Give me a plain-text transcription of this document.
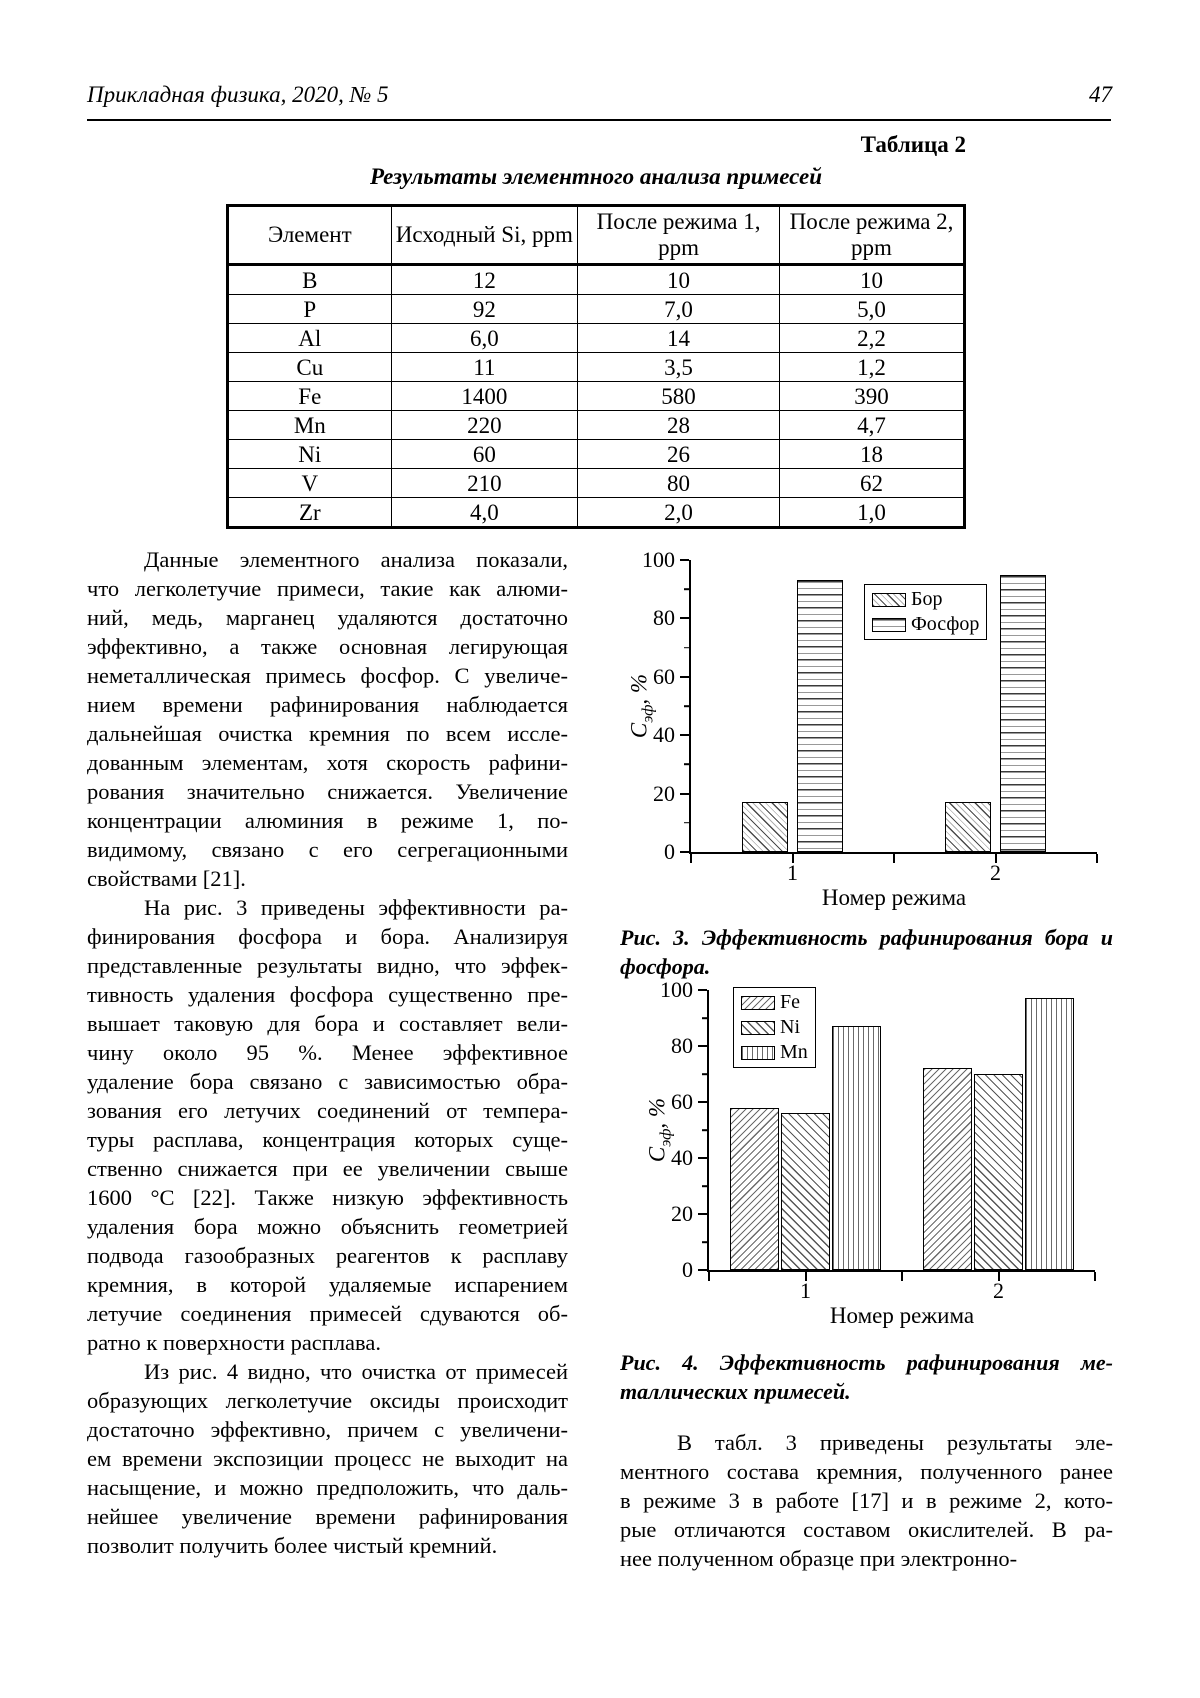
Прикладная физика, 2020, № 5	47
Таблица 2
Результаты элементного анализа примесей
Элемент	Исходный Si, ppm	После режима 1, ppm	После режима 2, ppm
B	12	10	10
P	92	7,0	5,0
Al	6,0	14	2,2
Cu	11	3,5	1,2
Fe	1400	580	390
Mn	220	28	4,7
Ni	60	26	18
V	210	80	62
Zr	4,0	2,0	1,0
Данные элементного анализа показали,
что легколетучие примеси, такие как алюми-
ний, медь, марганец удаляются достаточно
эффективно, а также основная легирующая
неметаллическая примесь фосфор. С увеличе-
нием времени рафинирования наблюдается
дальнейшая очистка кремния по всем иссле-
дованным элементам, хотя скорость рафини-
рования значительно снижается. Увеличение
концентрации алюминия в режиме 1, по-
видимому, связано с его сегрегационными
свойствами [21].
На рис. 3 приведены эффективности ра-
финирования фосфора и бора. Анализируя
представленные результаты видно, что эффек-
тивность удаления фосфора существенно пре-
вышает таковую для бора и составляет вели-
чину около 95 %. Менее эффективное
удаление бора связано с зависимостью обра-
зования его летучих соединений от темпера-
туры расплава, концентрация которых суще-
ственно снижается при ее увеличении свыше
1600 °С [22]. Также низкую эффективность
удаления бора можно объяснить геометрией
подвода газообразных реагентов к расплаву
кремния, в которой удаляемые испарением
летучие соединения примесей сдуваются об-
ратно к поверхности расплава.
Из рис. 4 видно, что очистка от примесей
образующих легколетучие оксиды происходит
достаточно эффективно, причем с увеличени-
ем времени экспозиции процесс не выходит на
насыщение, и можно предположить, что даль-
нейшее увеличение времени рафинирования
позволит получить более чистый кремний.
$C_{эф}$, %
Бор
Фосфор
Номер режима
0
20
40
60
80
100
1	2
Рис. 3. Эффективность рафинирования бора и
фосфора.
$C_{эф}$, %
Fe
Ni
Mn
Номер режима
0
20
40
60
80
100
1	2
Рис. 4. Эффективность рафинирования ме-
таллических примесей.
В табл. 3 приведены результаты эле-
ментного состава кремния, полученного ранее
в режиме 3 в работе [17] и в режиме 2, кото-
рые отличаются составом окислителей. В ра-
нее полученном образце при электронно-
